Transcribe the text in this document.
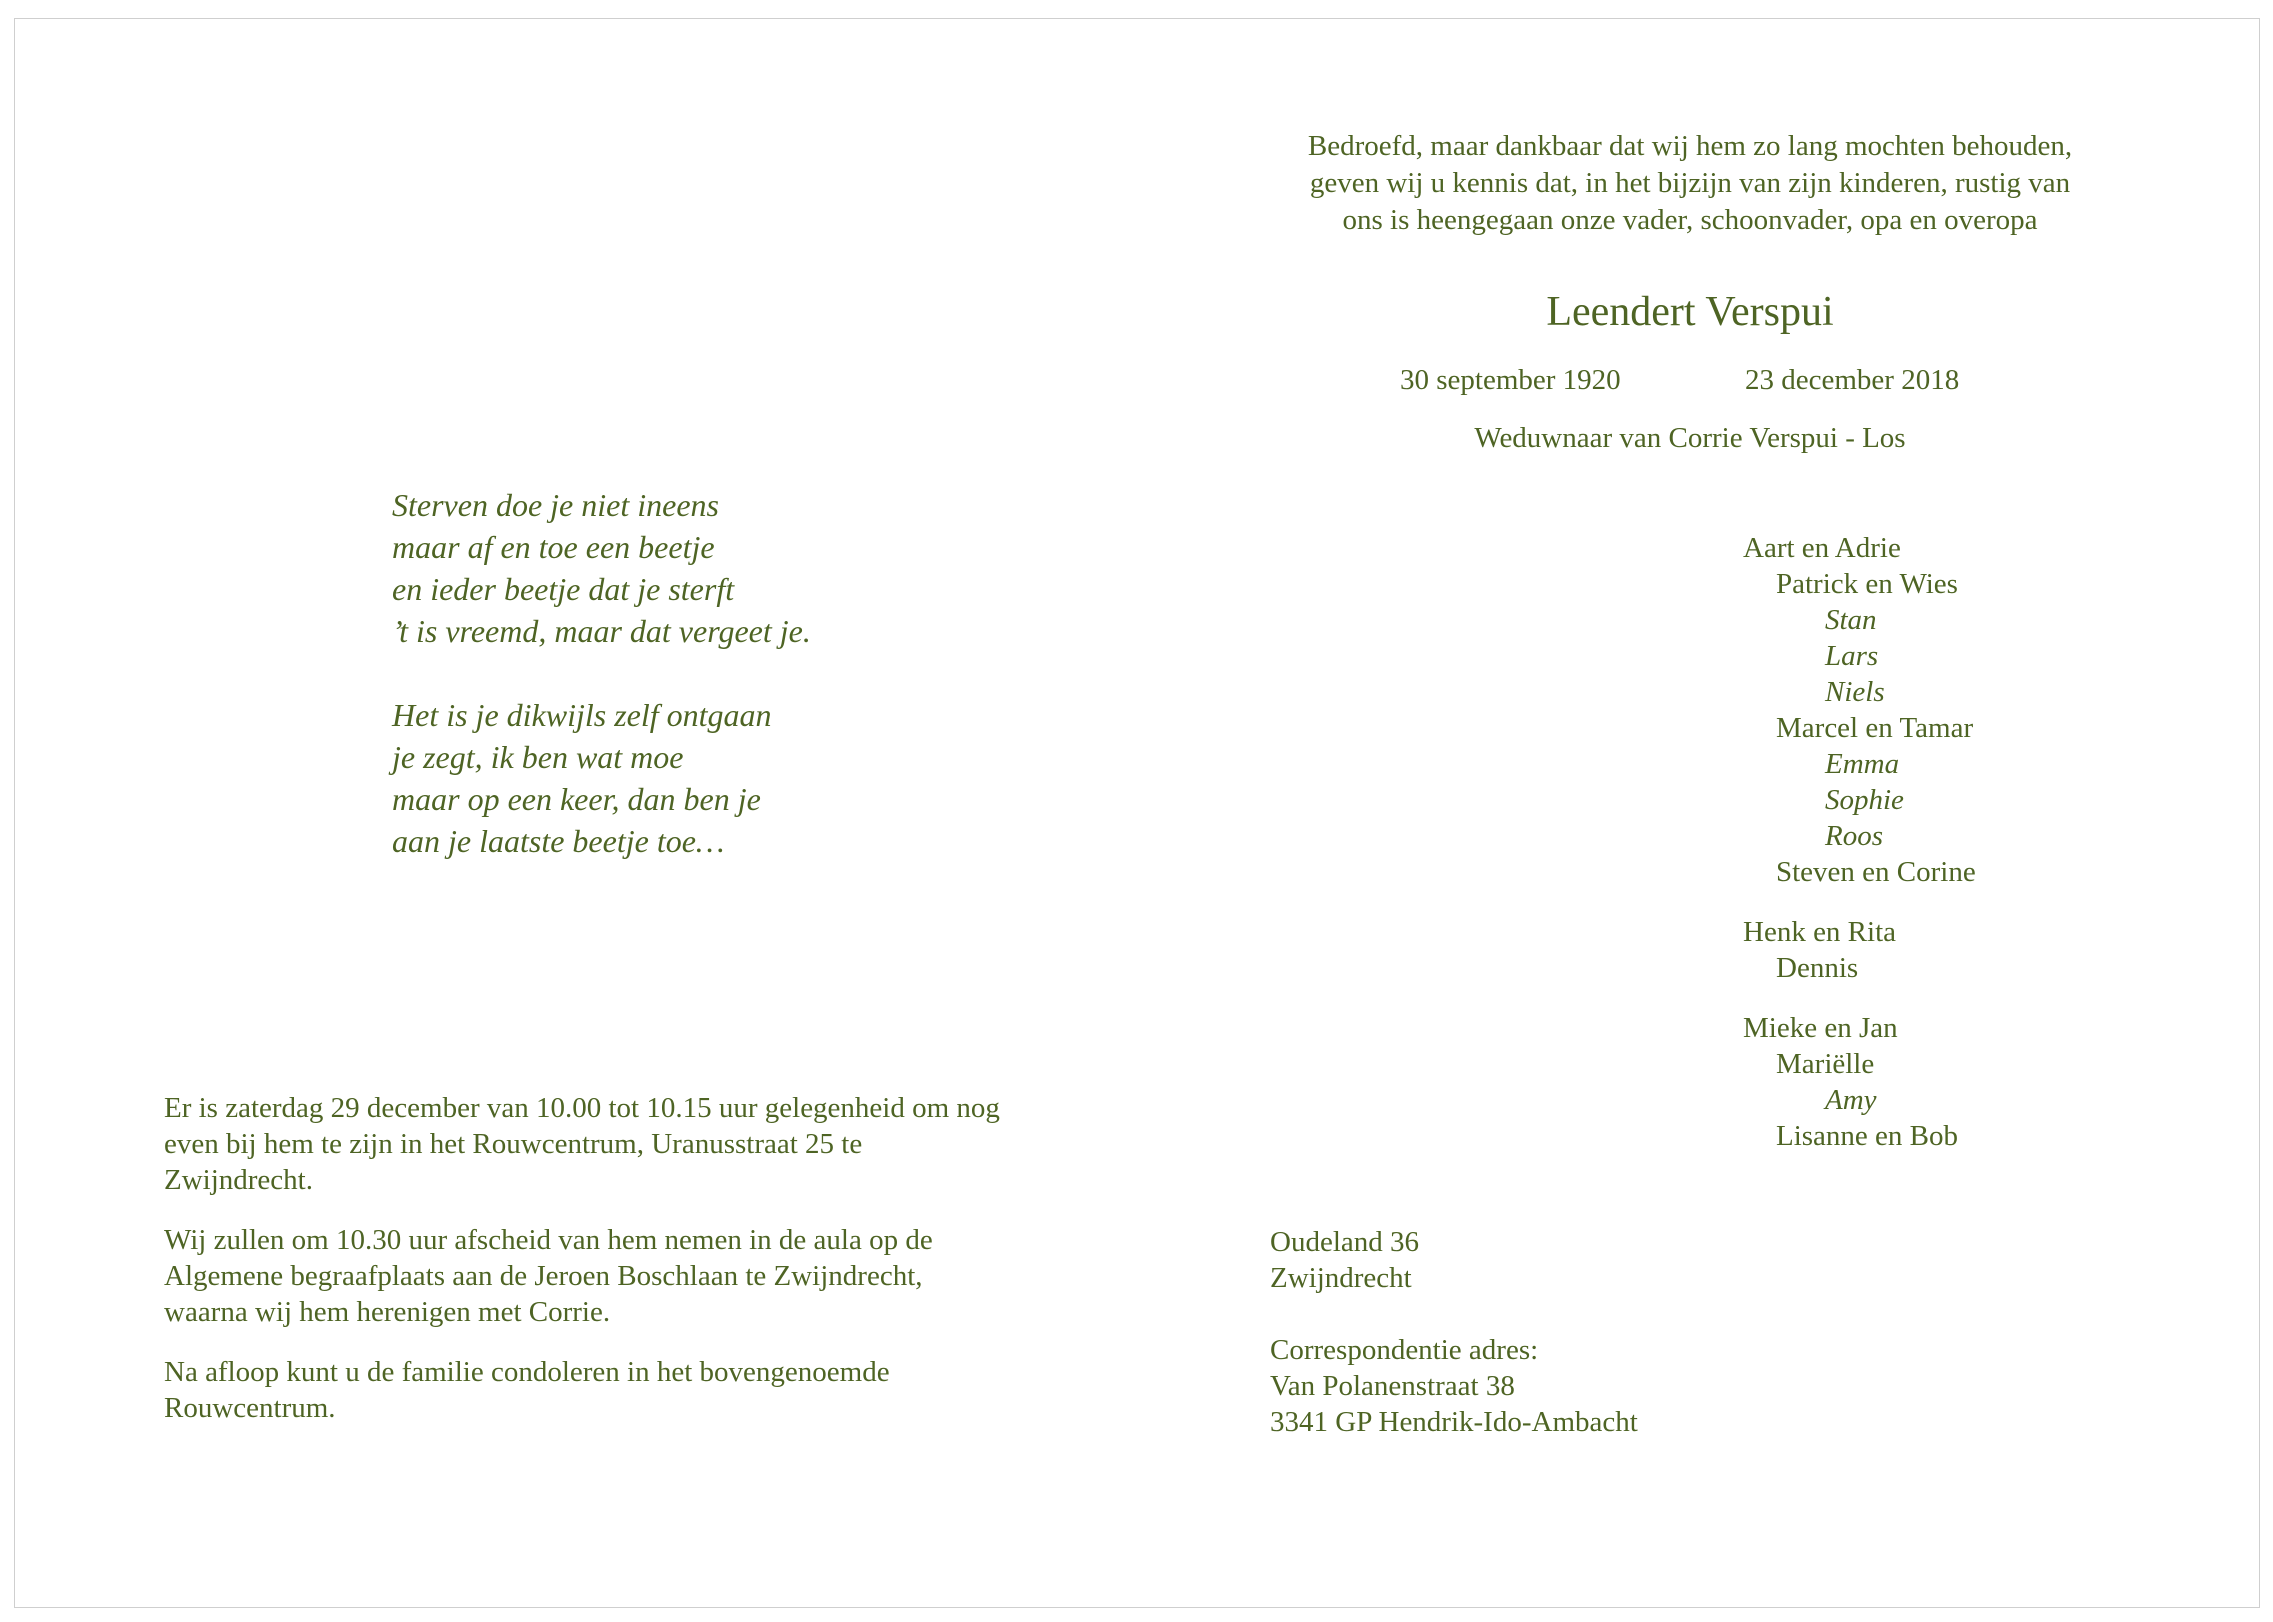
Bedroefd, maar dankbaar dat wij hem zo lang mochten behouden,
geven wij u kennis dat, in het bijzijn van zijn kinderen, rustig van
ons is heengegaan onze vader, schoonvader, opa en overopa
Leendert Verspui
30 september 1920	23 december 2018
Weduwnaar van Corrie Verspui - Los
Sterven doe je niet ineens
maar af en toe een beetje
en ieder beetje dat je sterft
’t is vreemd, maar dat vergeet je.
Het is je dikwijls zelf ontgaan
je zegt, ik ben wat moe
maar op een keer, dan ben je
aan je laatste beetje toe…
Aart en Adrie
Patrick en Wies
Stan
Lars
Niels
Marcel en Tamar
Emma
Sophie
Roos
Steven en Corine
Henk en Rita
Dennis
Mieke en Jan
Mariëlle
Amy
Lisanne en Bob

Er is zaterdag 29 december van 10.00 tot 10.15 uur gelegenheid om nog even bij hem te zijn in het Rouwcentrum, Uranusstraat 25 te Zwijndrecht.

Wij zullen om 10.30 uur afscheid van hem nemen in de aula op de Algemene begraafplaats aan de Jeroen Boschlaan te Zwijndrecht, waarna wij hem herenigen met Corrie.

Na afloop kunt u de familie condoleren in het bovengenoemde Rouwcentrum.

Oudeland 36
Zwijndrecht
Correspondentie adres:
Van Polanenstraat 38
3341 GP Hendrik-Ido-Ambacht
